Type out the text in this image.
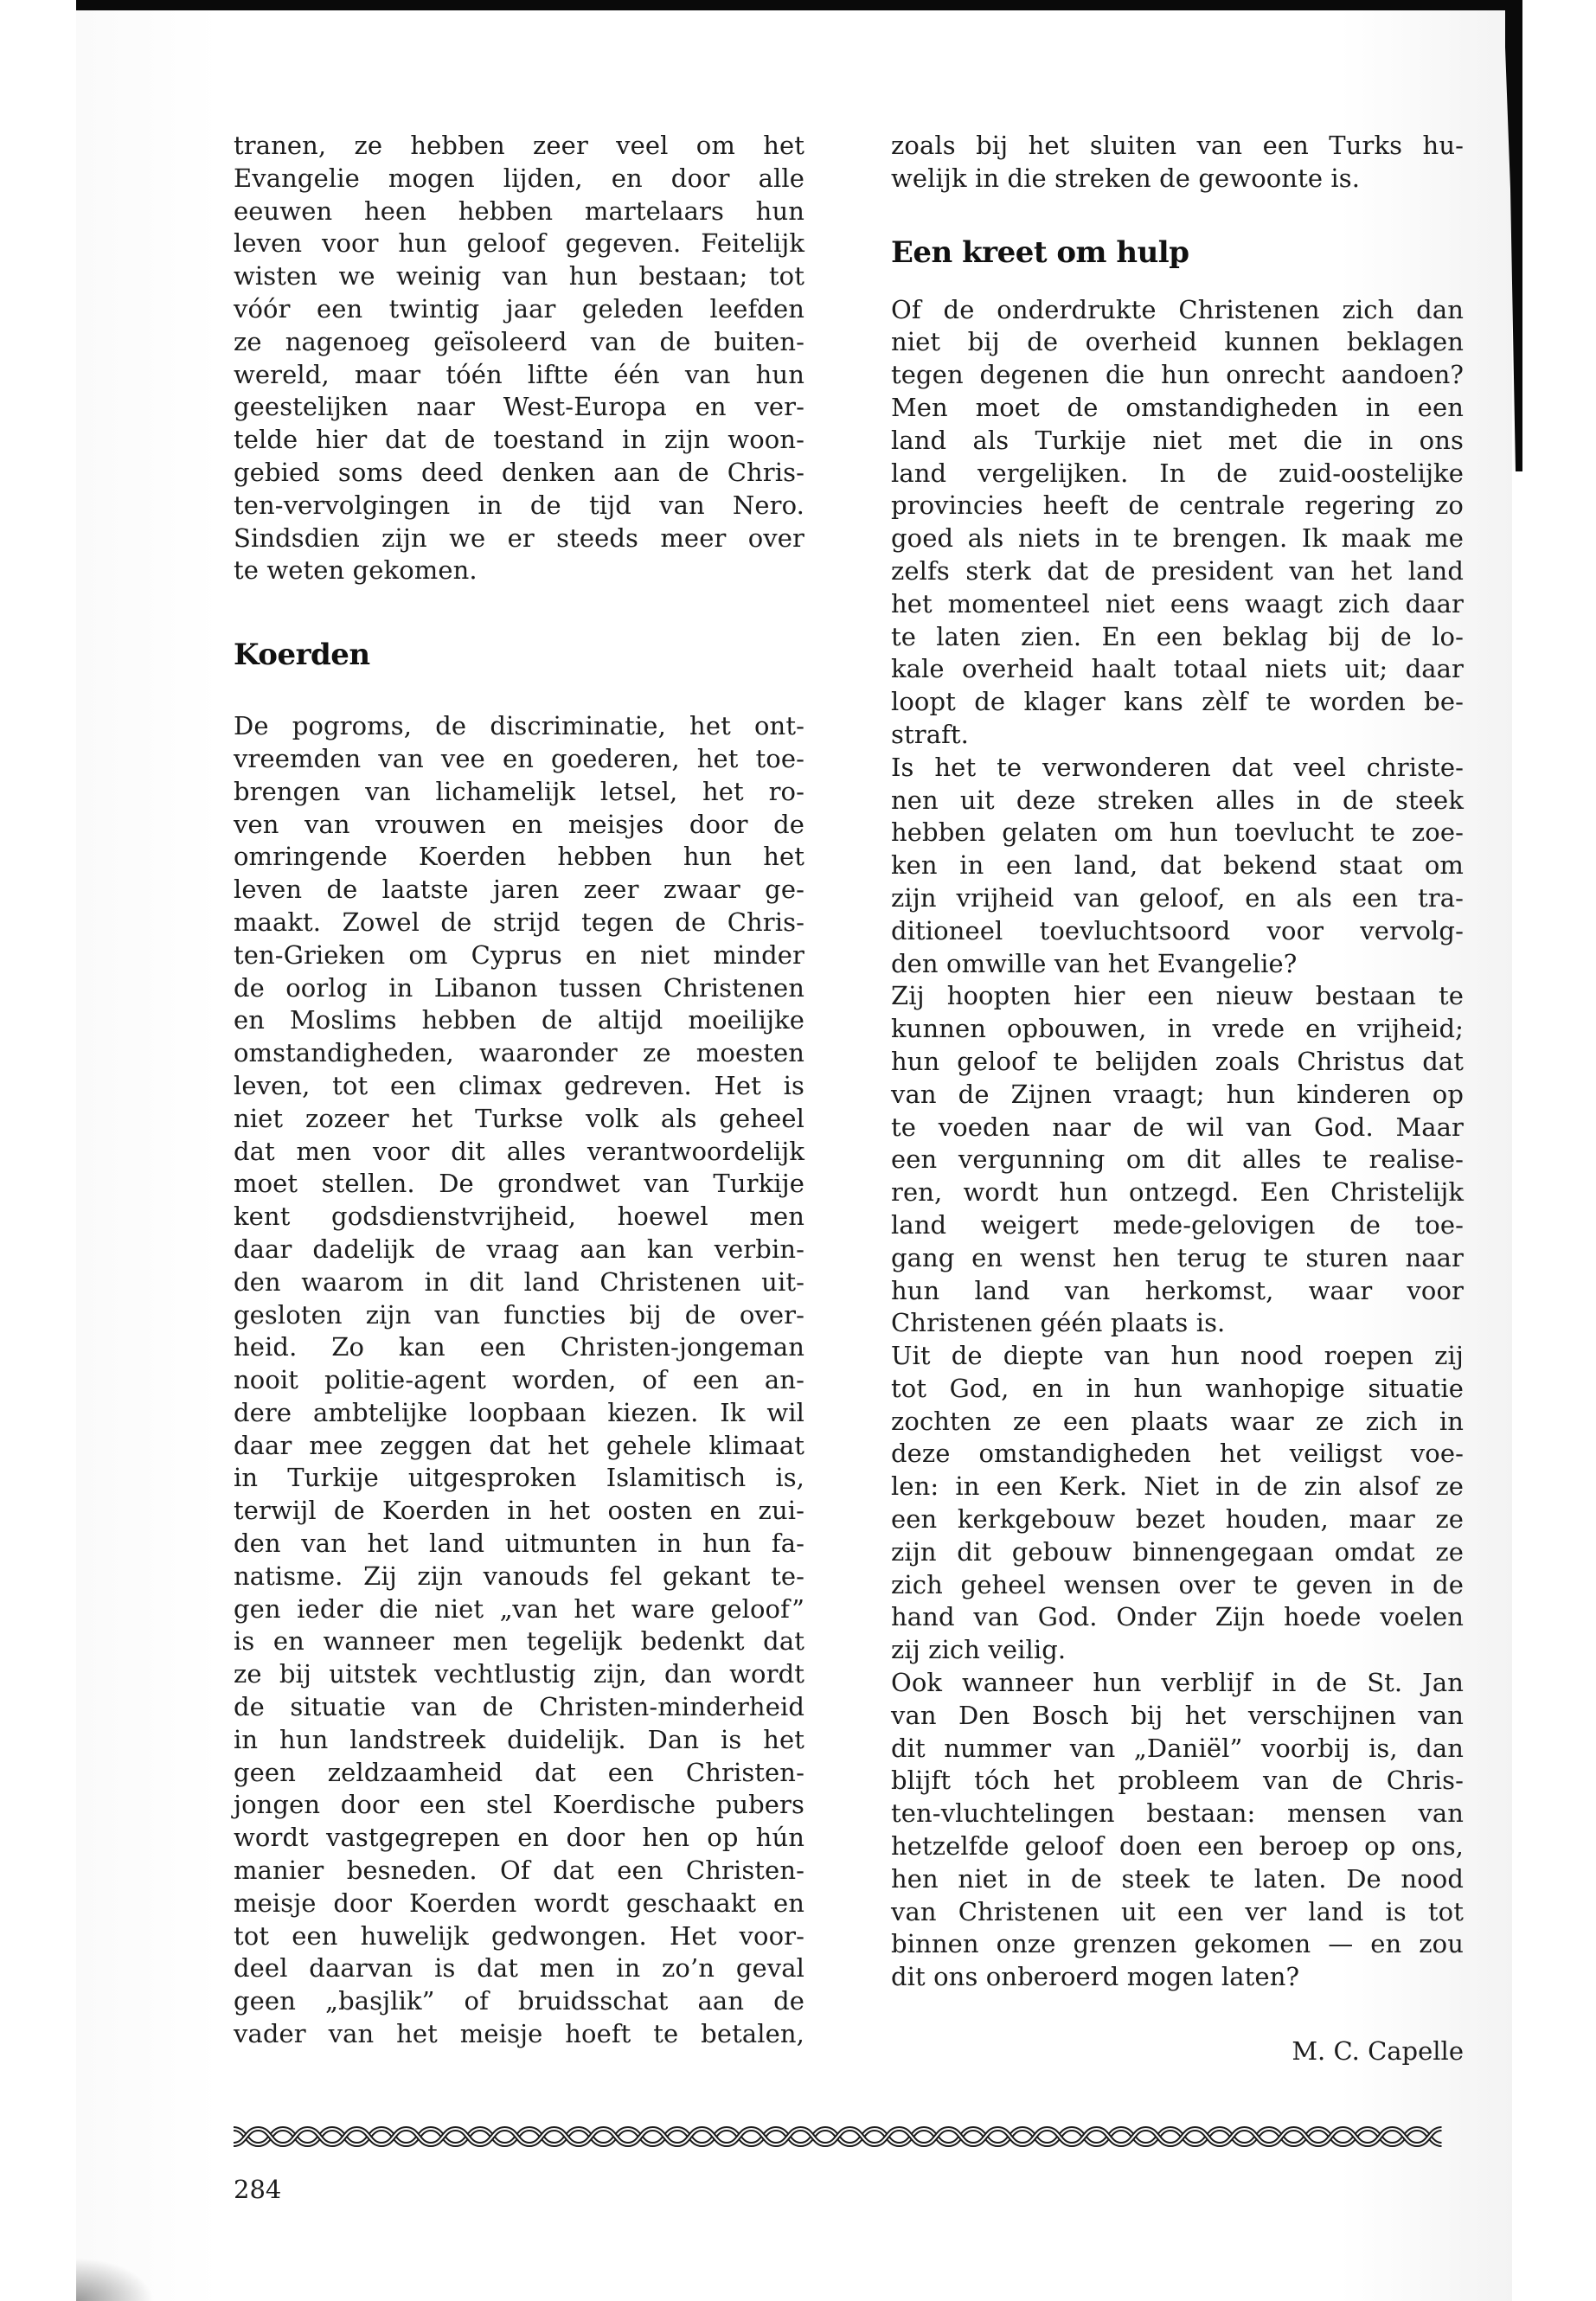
tranen, ze hebben zeer veel om het
Evangelie mogen lijden, en door alle
eeuwen heen hebben martelaars hun
leven voor hun geloof gegeven. Feitelijk
wisten we weinig van hun bestaan; tot
vóór een twintig jaar geleden leefden
ze nagenoeg geïsoleerd van de buiten-
wereld, maar tóén liftte één van hun
geestelijken naar West-Europa en ver-
telde hier dat de toestand in zijn woon-
gebied soms deed denken aan de Chris-
ten-vervolgingen in de tijd van Nero.
Sindsdien zijn we er steeds meer over
te weten gekomen.
Koerden
De pogroms, de discriminatie, het ont-
vreemden van vee en goederen, het toe-
brengen van lichamelijk letsel, het ro-
ven van vrouwen en meisjes door de
omringende Koerden hebben hun het
leven de laatste jaren zeer zwaar ge-
maakt. Zowel de strijd tegen de Chris-
ten-Grieken om Cyprus en niet minder
de oorlog in Libanon tussen Christenen
en Moslims hebben de altijd moeilijke
omstandigheden, waaronder ze moesten
leven, tot een climax gedreven. Het is
niet zozeer het Turkse volk als geheel
dat men voor dit alles verantwoordelijk
moet stellen. De grondwet van Turkije
kent godsdienstvrijheid, hoewel men
daar dadelijk de vraag aan kan verbin-
den waarom in dit land Christenen uit-
gesloten zijn van functies bij de over-
heid. Zo kan een Christen-jongeman
nooit politie-agent worden, of een an-
dere ambtelijke loopbaan kiezen. Ik wil
daar mee zeggen dat het gehele klimaat
in Turkije uitgesproken Islamitisch is,
terwijl de Koerden in het oosten en zui-
den van het land uitmunten in hun fa-
natisme. Zij zijn vanouds fel gekant te-
gen ieder die niet „van het ware geloof”
is en wanneer men tegelijk bedenkt dat
ze bij uitstek vechtlustig zijn, dan wordt
de situatie van de Christen-minderheid
in hun landstreek duidelijk. Dan is het
geen zeldzaamheid dat een Christen-
jongen door een stel Koerdische pubers
wordt vastgegrepen en door hen op hún
manier besneden. Of dat een Christen-
meisje door Koerden wordt geschaakt en
tot een huwelijk gedwongen. Het voor-
deel daarvan is dat men in zo’n geval
geen „basjlik” of bruidsschat aan de
vader van het meisje hoeft te betalen,
zoals bij het sluiten van een Turks hu-
welijk in die streken de gewoonte is.
Een kreet om hulp
Of de onderdrukte Christenen zich dan
niet bij de overheid kunnen beklagen
tegen degenen die hun onrecht aandoen?
Men moet de omstandigheden in een
land als Turkije niet met die in ons
land vergelijken. In de zuid-oostelijke
provincies heeft de centrale regering zo
goed als niets in te brengen. Ik maak me
zelfs sterk dat de president van het land
het momenteel niet eens waagt zich daar
te laten zien. En een beklag bij de lo-
kale overheid haalt totaal niets uit; daar
loopt de klager kans zèlf te worden be-
straft.
Is het te verwonderen dat veel christe-
nen uit deze streken alles in de steek
hebben gelaten om hun toevlucht te zoe-
ken in een land, dat bekend staat om
zijn vrijheid van geloof, en als een tra-
ditioneel toevluchtsoord voor vervolg-
den omwille van het Evangelie?
Zij hoopten hier een nieuw bestaan te
kunnen opbouwen, in vrede en vrijheid;
hun geloof te belijden zoals Christus dat
van de Zijnen vraagt; hun kinderen op
te voeden naar de wil van God. Maar
een vergunning om dit alles te realise-
ren, wordt hun ontzegd. Een Christelijk
land weigert mede-gelovigen de toe-
gang en wenst hen terug te sturen naar
hun land van herkomst, waar voor
Christenen géén plaats is.
Uit de diepte van hun nood roepen zij
tot God, en in hun wanhopige situatie
zochten ze een plaats waar ze zich in
deze omstandigheden het veiligst voe-
len: in een Kerk. Niet in de zin alsof ze
een kerkgebouw bezet houden, maar ze
zijn dit gebouw binnengegaan omdat ze
zich geheel wensen over te geven in de
hand van God. Onder Zijn hoede voelen
zij zich veilig.
Ook wanneer hun verblijf in de St. Jan
van Den Bosch bij het verschijnen van
dit nummer van „Daniël” voorbij is, dan
blijft tóch het probleem van de Chris-
ten-vluchtelingen bestaan: mensen van
hetzelfde geloof doen een beroep op ons,
hen niet in de steek te laten. De nood
van Christenen uit een ver land is tot
binnen onze grenzen gekomen — en zou
dit ons onberoerd mogen laten?
M. C. Capelle
284
